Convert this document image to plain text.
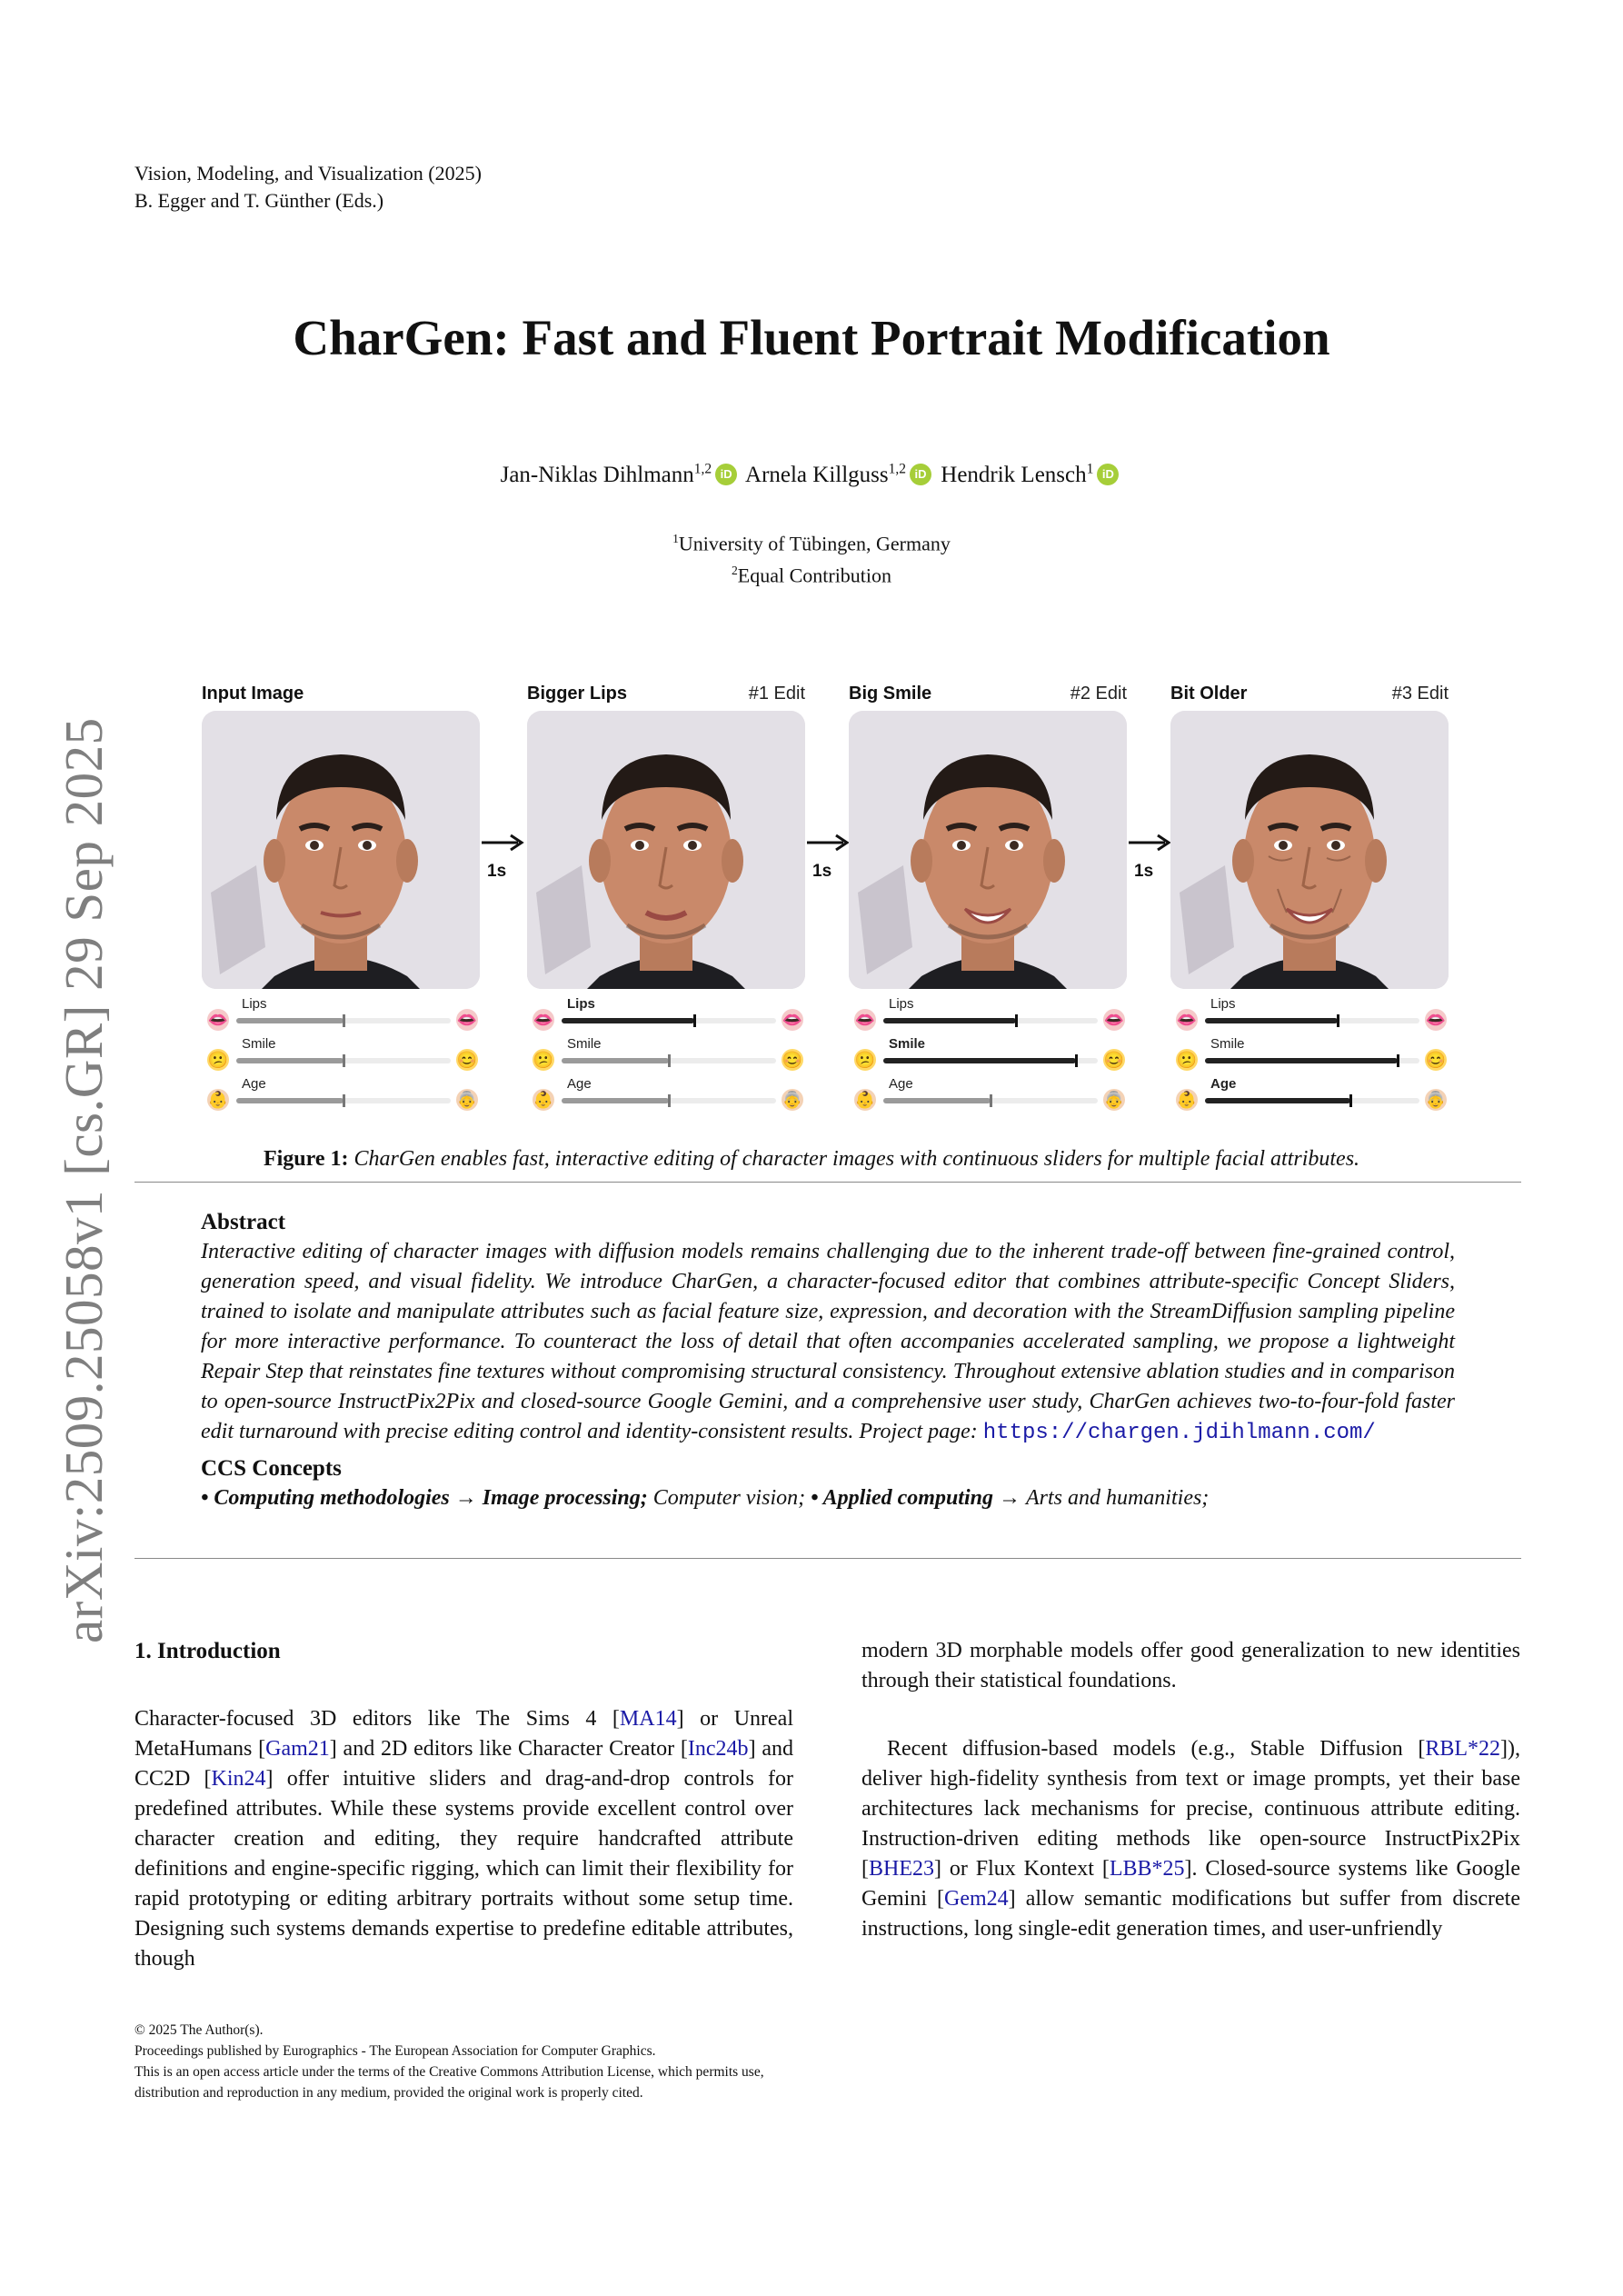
Vision, Modeling, and Visualization (2025)
B. Egger and T. Günther (Eds.)
CharGen: Fast and Fluent Portrait Modification
Jan-Niklas Dihlmann$^{1,2}$ iD Arnela Killguss$^{1,2}$ iD Hendrik Lensch$^1$ iD
$^1$University of Tübingen, Germany
$^2$Equal Contribution
arXiv:2509.25058v1 [cs.GR] 29 Sep 2025
Input Image
👄
Lips
👄
😕
Smile
😊
👶
Age
👵
1s
Bigger Lips	#1 Edit
👄
Lips
👄
😕
Smile
😊
👶
Age
👵
1s
Big Smile	#2 Edit
👄
Lips
👄
😕
Smile
😊
👶
Age
👵
1s
Bit Older	#3 Edit
👄
Lips
👄
😕
Smile
😊
👶
Age
👵
Figure 1: CharGen enables fast, interactive editing of character images with continuous sliders for multiple facial attributes.
Abstract
Interactive editing of character images with diffusion models remains challenging due to the inherent trade-off between fine-grained control, generation speed, and visual fidelity. We introduce CharGen, a character-focused editor that combines attribute-specific Concept Sliders, trained to isolate and manipulate attributes such as facial feature size, expression, and decoration with the StreamDiffusion sampling pipeline for more interactive performance. To counteract the loss of detail that often accompanies accelerated sampling, we propose a lightweight Repair Step that reinstates fine textures without compromising structural consistency. Throughout extensive ablation studies and in comparison to open-source InstructPix2Pix and closed-source Google Gemini, and a comprehensive user study, CharGen achieves two-to-four-fold faster edit turnaround with precise editing control and identity-consistent results. Project page: https://chargen.jdihlmann.com/
CCS Concepts
• Computing methodologies → Image processing; Computer vision; • Applied computing → Arts and humanities;
1. Introduction

Character-focused 3D editors like The Sims 4 [MA14] or Unreal MetaHumans [Gam21] and 2D editors like Character Creator [Inc24b] and CC2D [Kin24] offer intuitive sliders and drag-and-drop controls for predefined attributes. While these systems provide excellent control over character creation and editing, they require handcrafted attribute definitions and engine-specific rigging, which can limit their flexibility for rapid prototyping or editing arbitrary portraits without some setup time. Designing such systems demands expertise to predefine editable attributes, though

modern 3D morphable models offer good generalization to new identities through their statistical foundations.

Recent diffusion-based models (e.g., Stable Diffusion [RBL*22]), deliver high-fidelity synthesis from text or image prompts, yet their base architectures lack mechanisms for precise, continuous attribute editing. Instruction-driven editing methods like open-source InstructPix2Pix [BHE23] or Flux Kontext [LBB*25]. Closed-source systems like Google Gemini [Gem24] allow semantic modifications but suffer from discrete instructions, long single-edit generation times, and user-unfriendly

© 2025 The Author(s).
Proceedings published by Eurographics - The European Association for Computer Graphics.
This is an open access article under the terms of the Creative Commons Attribution License, which permits use, distribution and reproduction in any medium, provided the original work is properly cited.
